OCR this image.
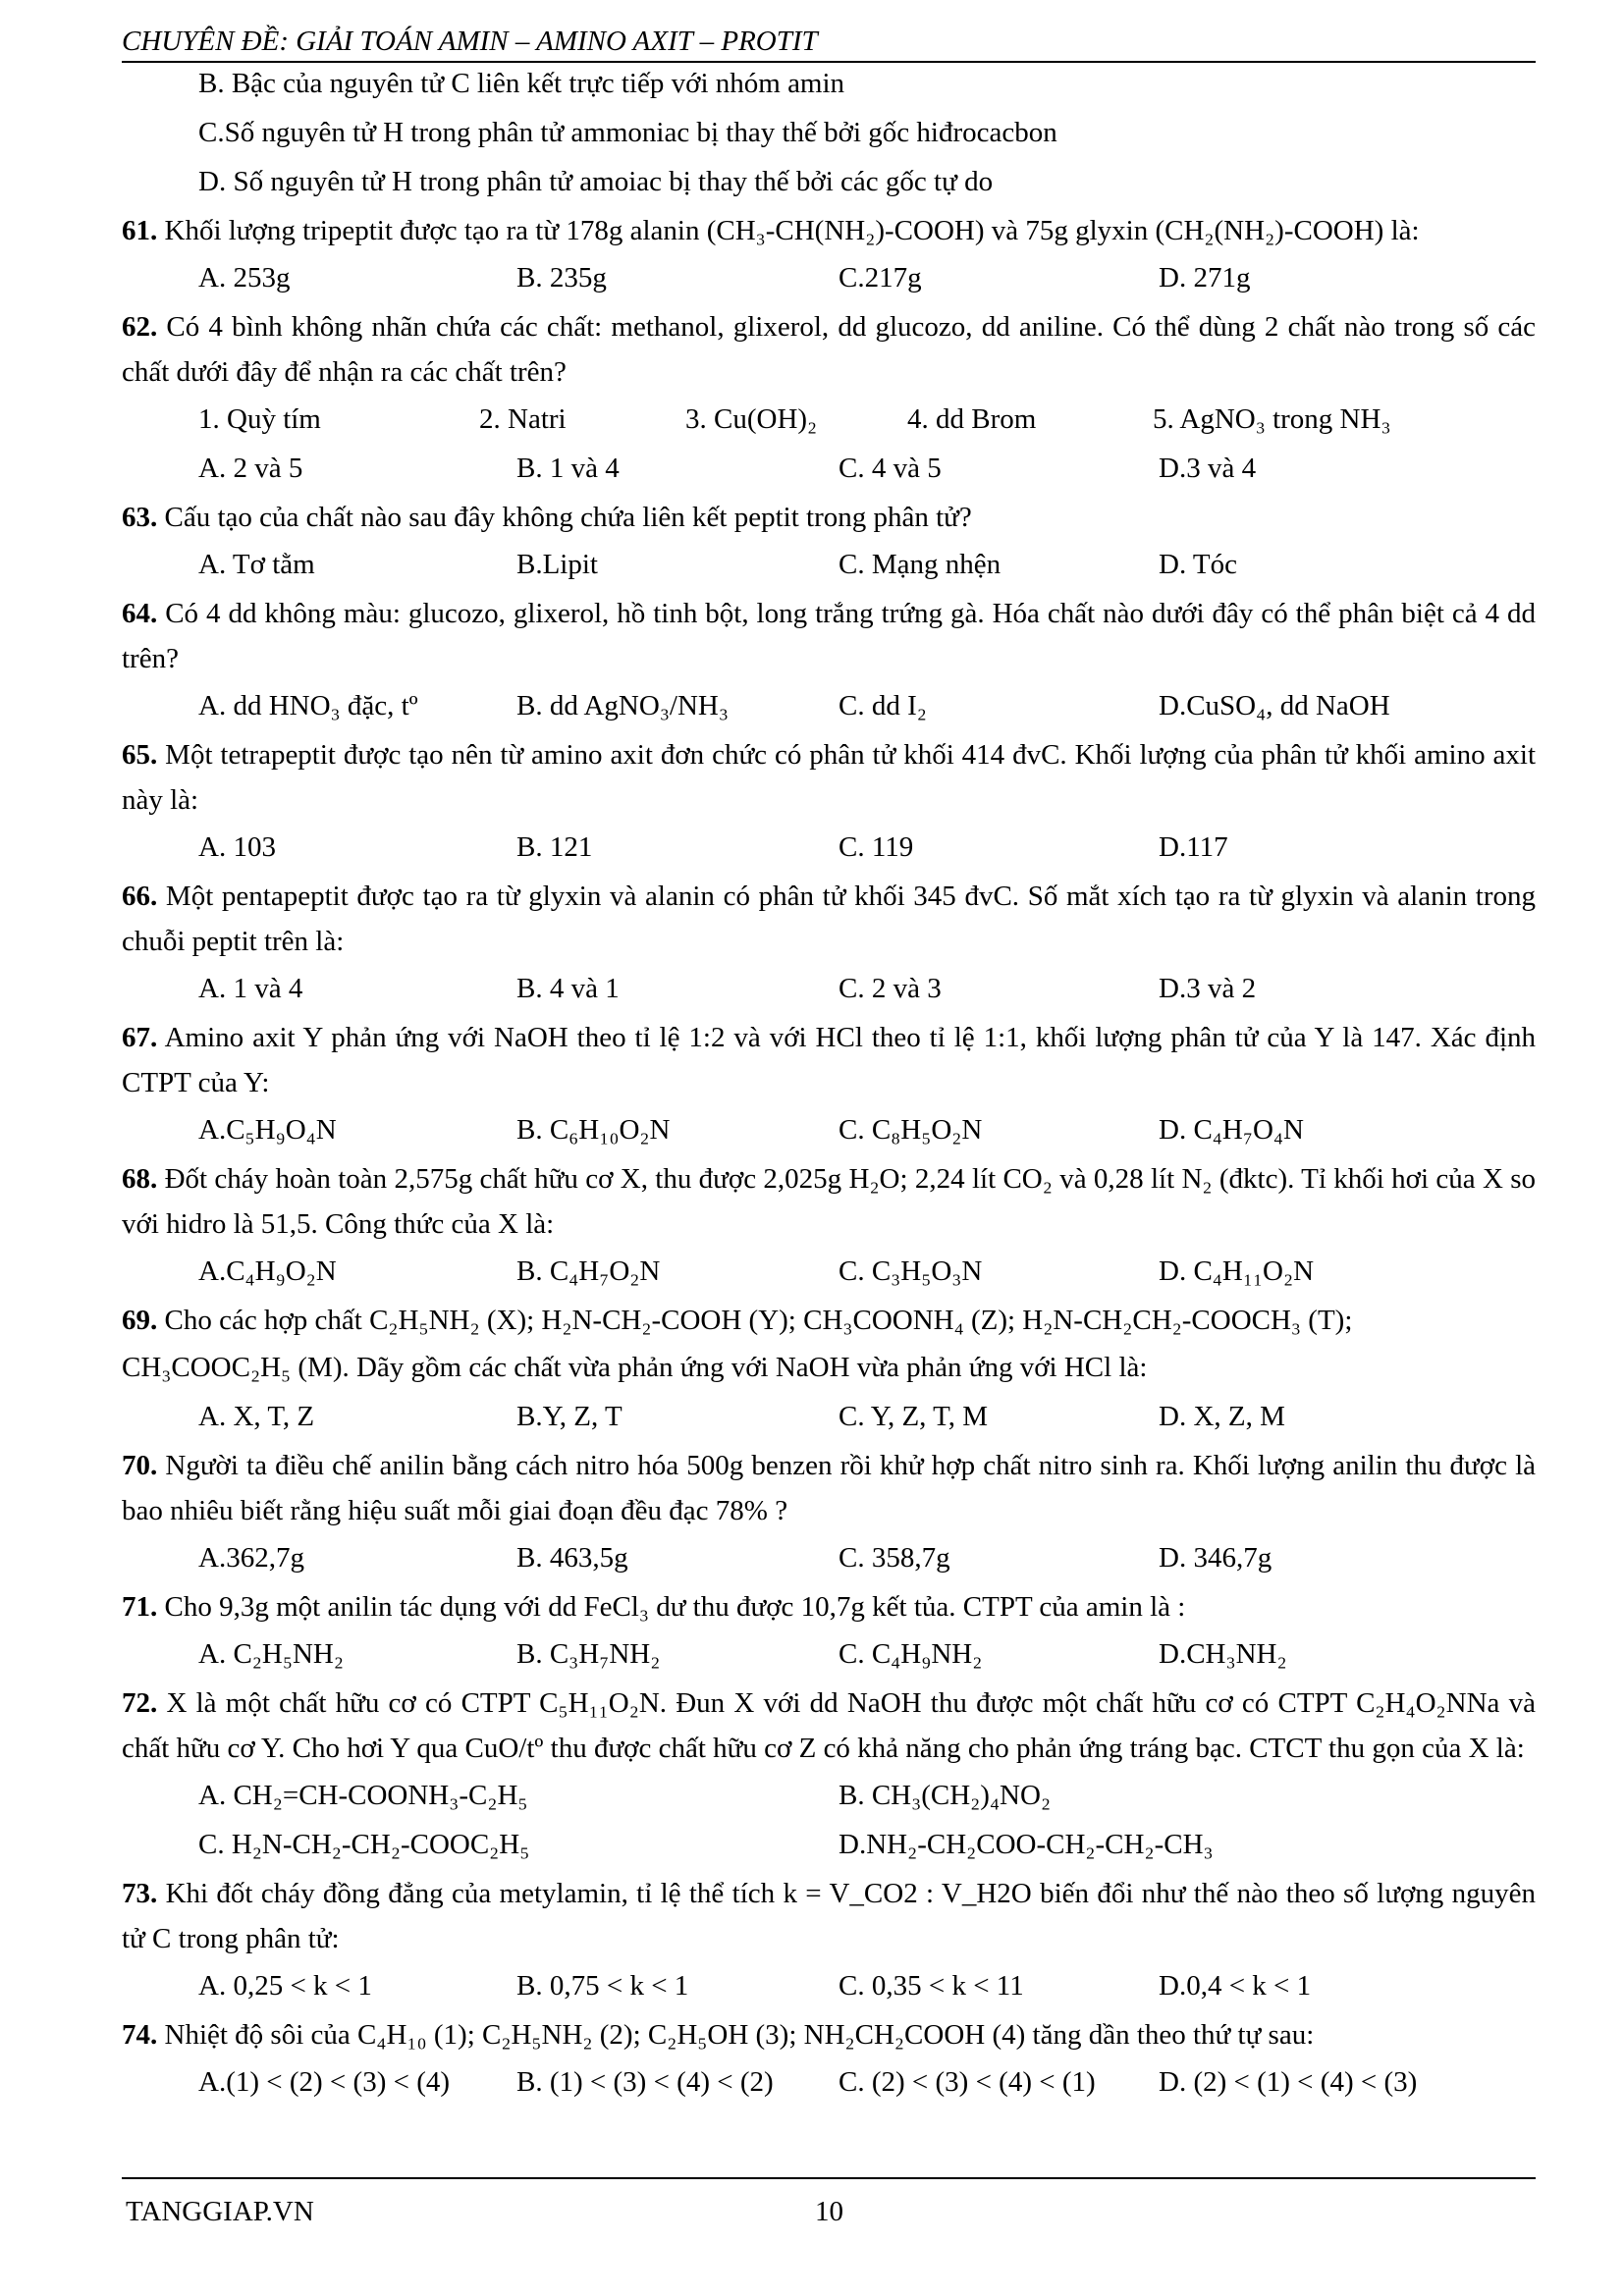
CHUYÊN ĐỀ: GIẢI TOÁN AMIN – AMINO AXIT – PROTIT
B. Bậc của nguyên tử C liên kết trực tiếp với nhóm amin
C.Số nguyên tử H trong phân tử ammoniac bị thay thế bởi gốc hiđrocacbon
D. Số nguyên tử H trong phân tử amoiac bị thay thế bởi các gốc tự do
61. Khối lượng tripeptit được tạo ra từ 178g alanin (CH₃-CH(NH₂)-COOH) và 75g glyxin (CH₂(NH₂)-COOH) là:
A. 253g	B. 235g	C.217g	D. 271g
62. Có 4 bình không nhãn chứa các chất: methanol, glixerol, dd glucozo, dd aniline. Có thể dùng 2 chất nào trong số các chất dưới đây để nhận ra các chất trên?
1. Quỳ tím	2. Natri	3. Cu(OH)₂	4. dd Brom	5. AgNO₃ trong NH₃
A. 2 và 5	B. 1 và 4	C. 4 và 5	D.3 và 4
63. Cấu tạo của chất nào sau đây không chứa liên kết peptit trong phân tử?
A. Tơ tằm	B.Lipit	C. Mạng nhện	D. Tóc
64. Có 4 dd không màu: glucozo, glixerol, hồ tinh bột, long trắng trứng gà. Hóa chất nào dưới đây có thể phân biệt cả 4 dd trên?
A. dd HNO₃ đặc, tº	B. dd AgNO₃/NH₃	C. dd I₂	D.CuSO₄, dd NaOH
65. Một tetrapeptit được tạo nên từ amino axit đơn chức có phân tử khối 414 đvC. Khối lượng của phân tử khối amino axit này là:
A. 103	B. 121	C. 119	D.117
66. Một pentapeptit được tạo ra từ glyxin và alanin có phân tử khối 345 đvC. Số mắt xích tạo ra từ glyxin và alanin trong chuỗi peptit trên là:
A. 1 và 4	B. 4 và 1	C. 2 và 3	D.3 và 2
67. Amino axit Y phản ứng với NaOH theo tỉ lệ 1:2 và với HCl theo tỉ lệ 1:1, khối lượng phân tử của Y là 147. Xác định CTPT của Y:
A.C₅H₉O₄N	B. C₆H₁₀O₂N	C. C₈H₅O₂N	D. C₄H₇O₄N
68. Đốt cháy hoàn toàn 2,575g chất hữu cơ X, thu được 2,025g H₂O; 2,24 lít CO₂ và 0,28 lít N₂ (đktc). Tỉ khối hơi của X so với hidro là 51,5. Công thức của X là:
A.C₄H₉O₂N	B. C₄H₇O₂N	C. C₃H₅O₃N	D. C₄H₁₁O₂N
69. Cho các hợp chất C₂H₅NH₂ (X); H₂N-CH₂-COOH (Y); CH₃COONH₄ (Z); H₂N-CH₂CH₂-COOCH₃ (T);
CH₃COOC₂H₅ (M). Dãy gồm các chất vừa phản ứng với NaOH vừa phản ứng với HCl là:
A. X, T, Z	B.Y, Z, T	C. Y, Z, T, M	D. X, Z, M
70. Người ta điều chế anilin bằng cách nitro hóa 500g benzen rồi khử hợp chất nitro sinh ra. Khối lượng anilin thu được là bao nhiêu biết rằng hiệu suất mỗi giai đoạn đều đạc 78% ?
A.362,7g	B. 463,5g	C. 358,7g	D. 346,7g
71. Cho 9,3g một anilin tác dụng với dd FeCl₃ dư thu được 10,7g kết tủa. CTPT của amin là :
A. C₂H₅NH₂	B. C₃H₇NH₂	C. C₄H₉NH₂	D.CH₃NH₂
72. X là một chất hữu cơ có CTPT C₅H₁₁O₂N. Đun X với dd NaOH thu được một chất hữu cơ có CTPT C₂H₄O₂NNa và chất hữu cơ Y. Cho hơi Y qua CuO/tº thu được chất hữu cơ Z có khả năng cho phản ứng tráng bạc. CTCT thu gọn của X là:
A. CH₂=CH-COONH₃-C₂H₅	B. CH₃(CH₂)₄NO₂
C. H₂N-CH₂-CH₂-COOC₂H₅	D.NH₂-CH₂COO-CH₂-CH₂-CH₃
73. Khi đốt cháy đồng đẳng của metylamin, tỉ lệ thể tích k = V_CO2 : V_H2O biến đổi như thế nào theo số lượng nguyên tử C trong phân tử:
A. 0,25 < k < 1	B. 0,75 < k < 1	C. 0,35 < k < 11	D.0,4 < k < 1
74. Nhiệt độ sôi của C₄H₁₀ (1); C₂H₅NH₂ (2); C₂H₅OH (3); NH₂CH₂COOH (4) tăng dần theo thứ tự sau:
A.(1) < (2) < (3) < (4) B. (1) < (3) < (4) < (2) C. (2) < (3) < (4) < (1) D. (2) < (1) < (4) < (3)
TANGGIAP.VN	10
